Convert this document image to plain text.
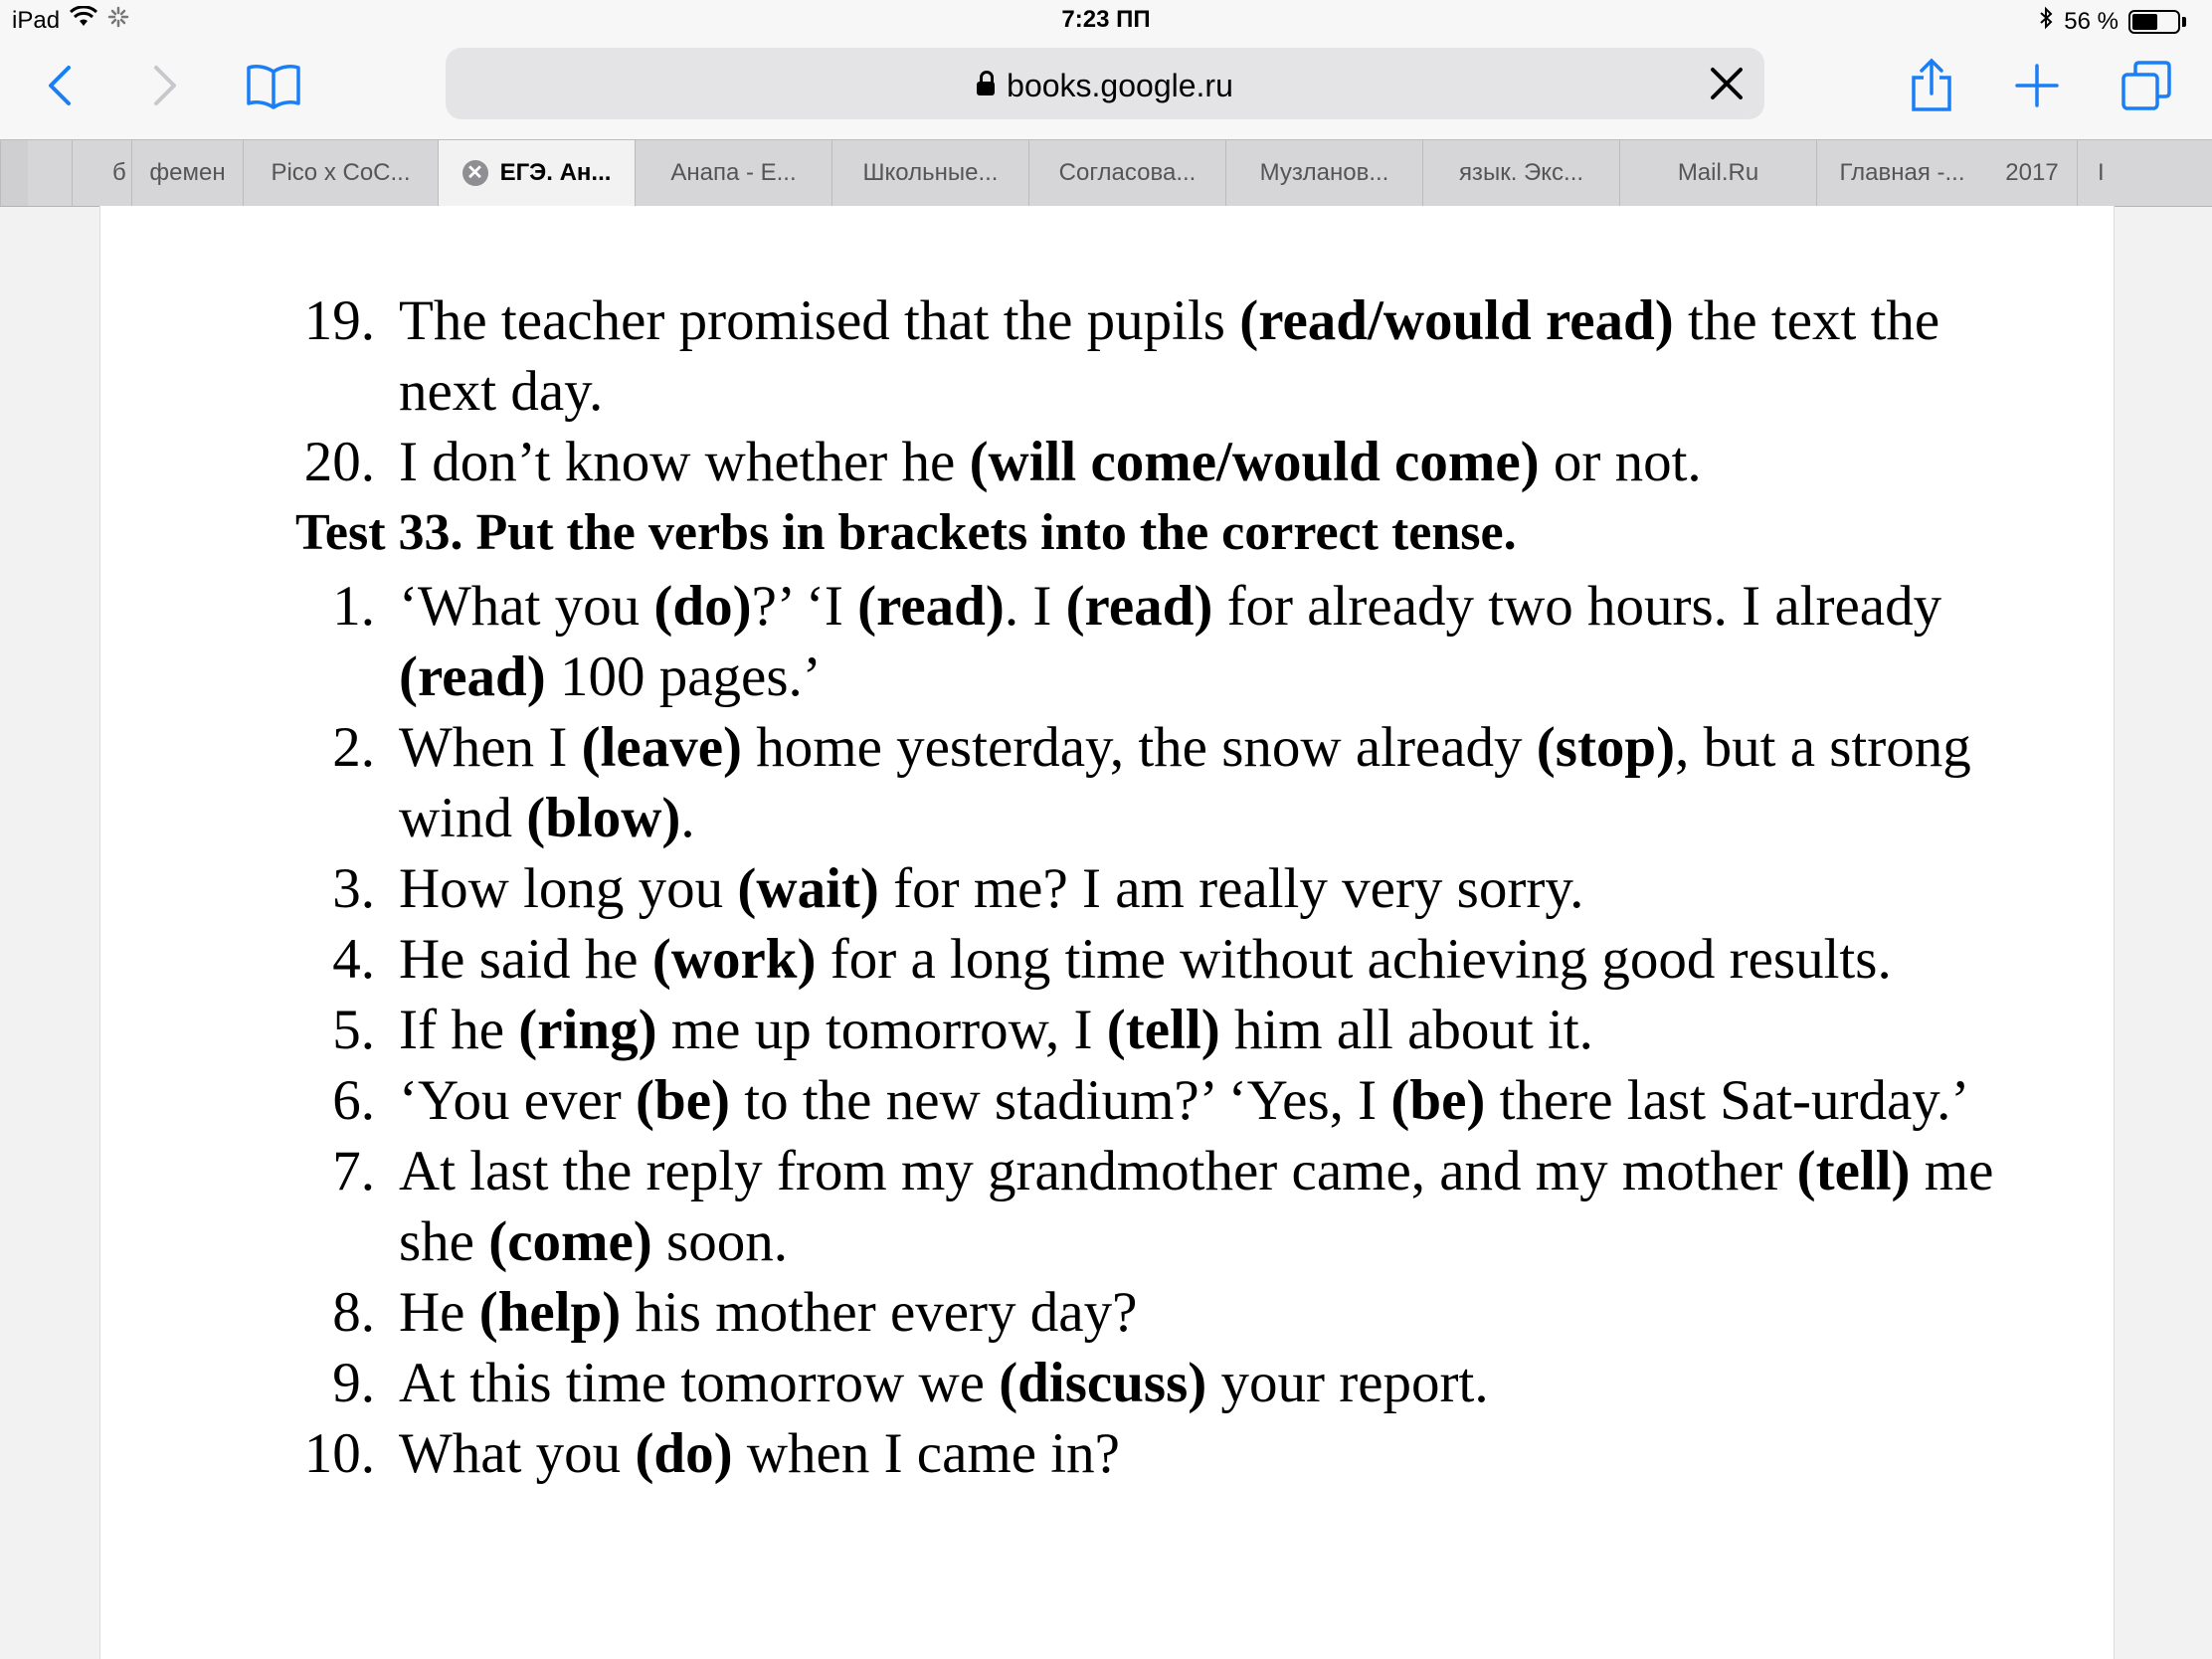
iPad	7:23 ПП	56 %
books.google.ru
б фемен	Pico x CoC...	✕ ЕГЭ. Ан...	Анапа - Е...	Школьные...	Согласова...	Музланов...	язык. Экс...	Mail.Ru	Главная -...	2017	I
19. The teacher promised that the pupils (read/would read) the text the next day.
20. I don’t know whether he (will come/would come) or not.
Test 33. Put the verbs in brackets into the correct tense.
1. ‘What you (do)?’ ‘I (read). I (read) for already two hours. I already (read) 100 pages.’
2. When I (leave) home yesterday, the snow already (stop), but a strong wind (blow).
3. How long you (wait) for me? I am really very sorry.
4. He said he (work) for a long time without achieving good results.
5. If he (ring) me up tomorrow, I (tell) him all about it.
6. ‘You ever (be) to the new stadium?’ ‘Yes, I (be) there last Sat-urday.’
7. At last the reply from my grandmother came, and my mother (tell) me she (come) soon.
8. He (help) his mother every day?
9. At this time tomorrow we (discuss) your report.
10. What you (do) when I came in?
